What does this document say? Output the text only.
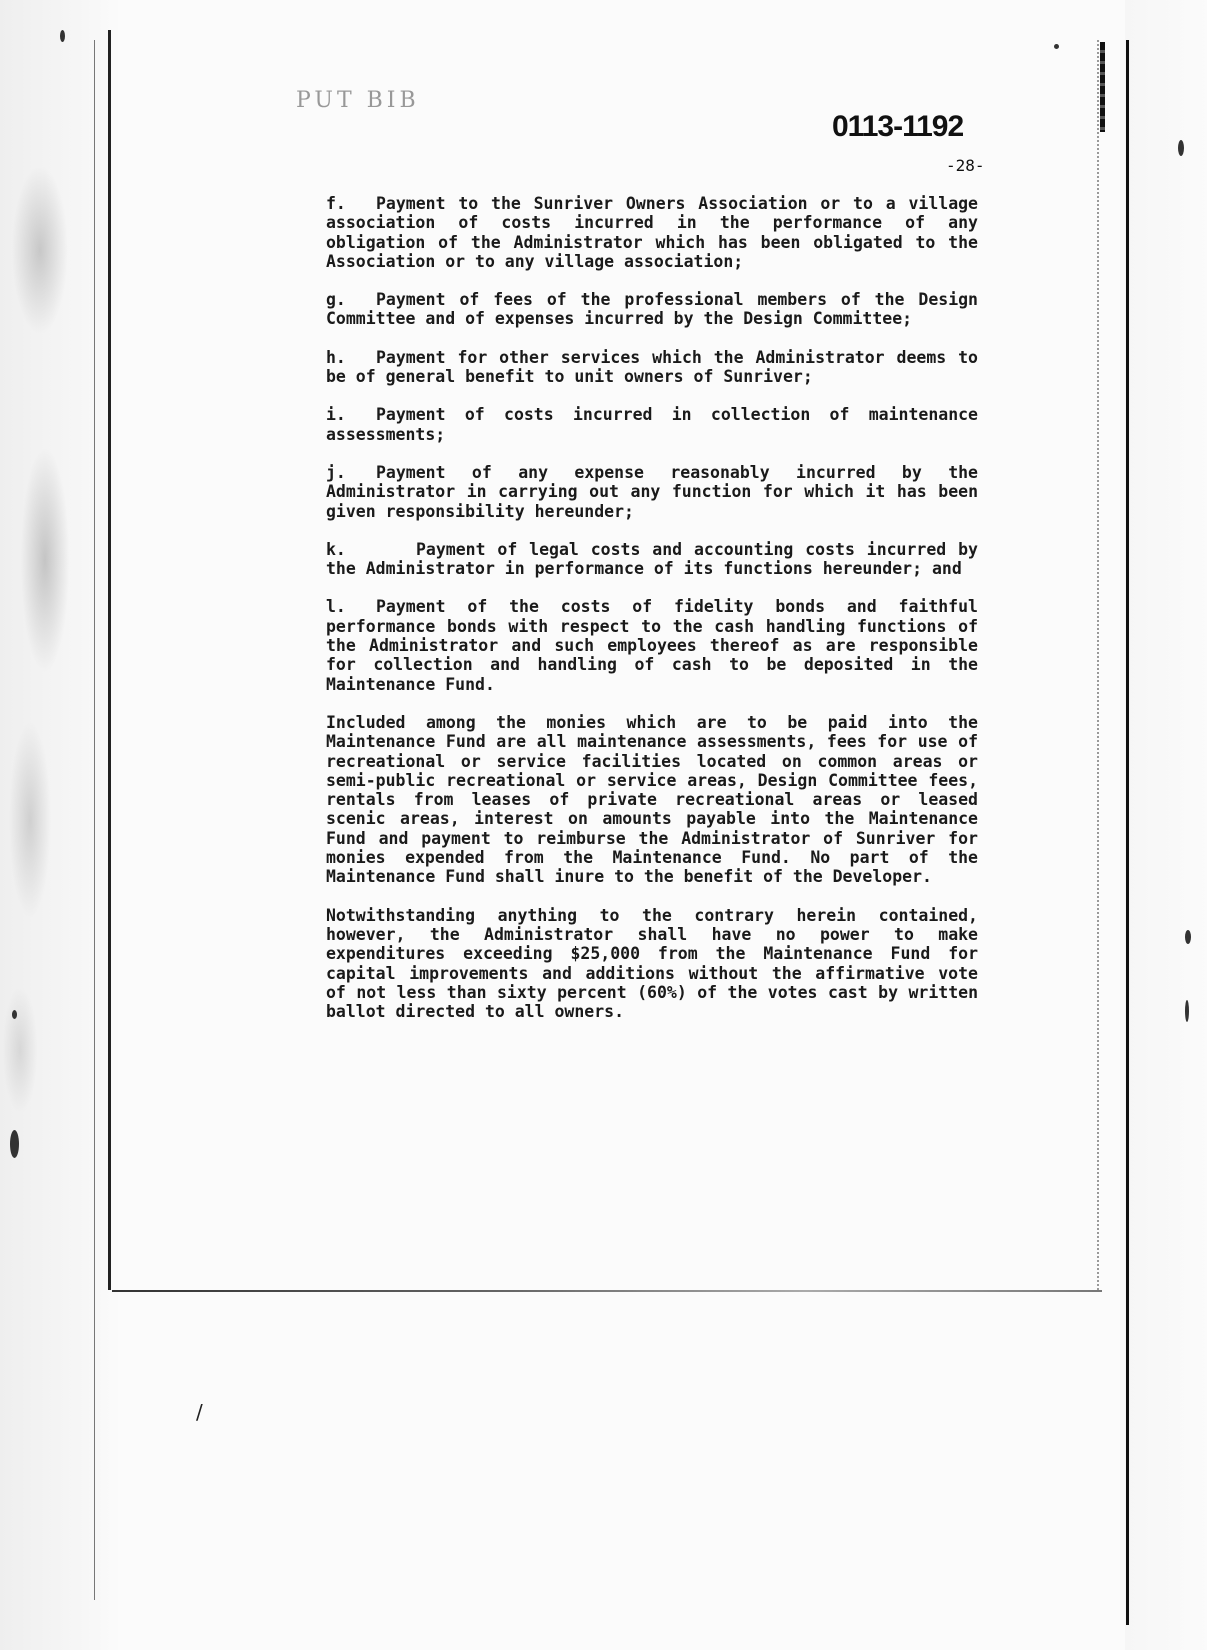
/
PUT BIB
0113-1192
-28-

f. Payment to the Sunriver Owners Association or to a village association of costs incurred in the performance of any obligation of the Administrator which has been obligated to the Association or to any village association;

g. Payment of fees of the professional members of the Design Committee and of expenses incurred by the Design Committee;

h. Payment for other services which the Administrator deems to be of general benefit to unit owners of Sunriver;

i. Payment of costs incurred in collection of maintenance assessments;

j. Payment of any expense reasonably incurred by the Administrator in carrying out any function for which it has been given responsibility hereunder;

k.	Payment of legal costs and accounting costs incurred by the Administrator in performance of its functions hereunder; and

l. Payment of the costs of fidelity bonds and faithful performance bonds with respect to the cash handling functions of the Administrator and such employees thereof as are responsible for collection and handling of cash to be deposited in the Maintenance Fund.

Included among the monies which are to be paid into the Maintenance Fund are all maintenance assessments, fees for use of recreational or service facilities located on common areas or semi-public recreational or service areas, Design Committee fees, rentals from leases of private recreational areas or leased scenic areas, interest on amounts payable into the Maintenance Fund and payment to reimburse the Administrator of Sunriver for monies expended from the Maintenance Fund. No part of the Maintenance Fund shall inure to the benefit of the Developer.

Notwithstanding anything to the contrary herein contained, however, the Administrator shall have no power to make expenditures exceeding $25,000 from the Maintenance Fund for capital improvements and additions without the affirmative vote of not less than sixty percent (60%) of the votes cast by written ballot directed to all owners.
